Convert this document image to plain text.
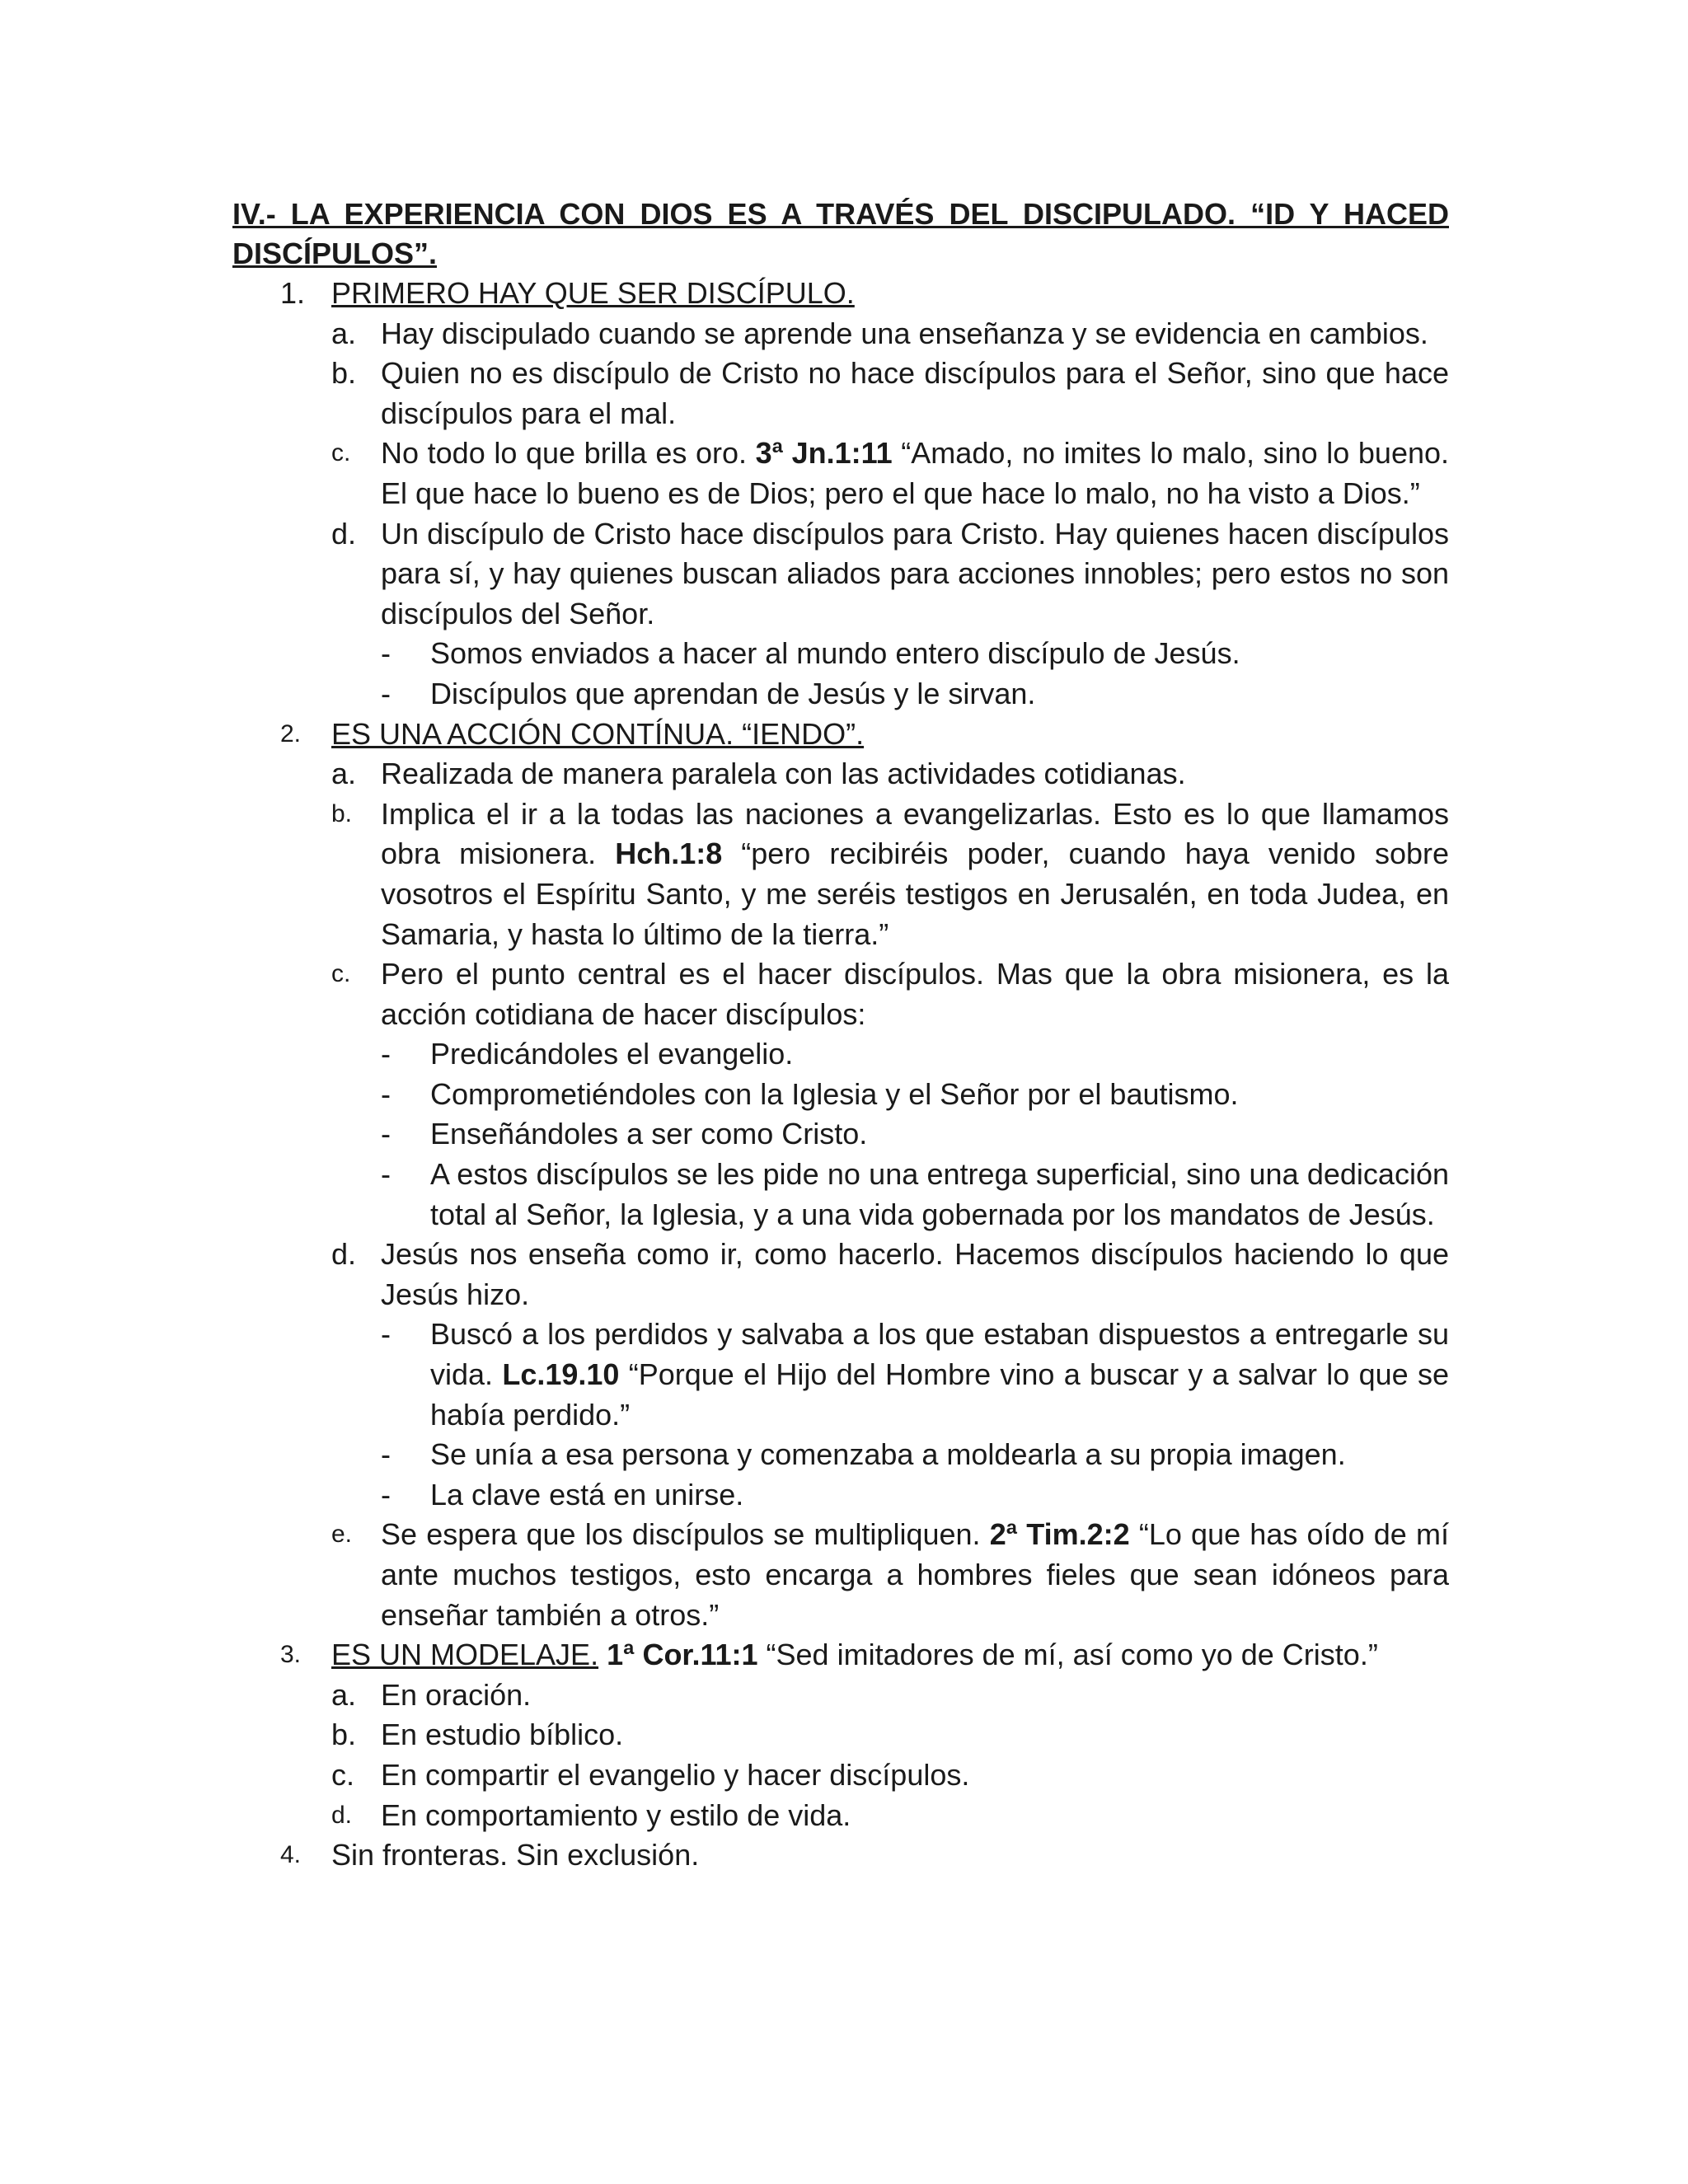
IV.- LA EXPERIENCIA CON DIOS ES A TRAVÉS DEL DISCIPULADO. “ID Y HACED DISCÍPULOS”.

1. PRIMERO HAY QUE SER DISCÍPULO.
a. Hay discipulado cuando se aprende una enseñanza y se evidencia en cambios.
b. Quien no es discípulo de Cristo no hace discípulos para el Señor, sino que hace discípulos para el mal.
c.	No todo lo que brilla es oro. 3ª Jn.1:11 “Amado, no imites lo malo, sino lo bueno. El que hace lo bueno es de Dios; pero el que hace lo malo, no ha visto a Dios.”
d. Un discípulo de Cristo hace discípulos para Cristo. Hay quienes hacen discípulos para sí, y hay quienes buscan aliados para acciones innobles; pero estos no son discípulos del Señor.
-	Somos enviados a hacer al mundo entero discípulo de Jesús.
-	Discípulos que aprendan de Jesús y le sirvan.
2.	ES UNA ACCIÓN CONTÍNUA. “IENDO”.
a. Realizada de manera paralela con las actividades cotidianas.
b. Implica el ir a la todas las naciones a evangelizarlas. Esto es lo que llamamos obra misionera. Hch.1:8 “pero recibiréis poder, cuando haya venido sobre vosotros el Espíritu Santo, y me seréis testigos en Jerusalén, en toda Judea, en Samaria, y hasta lo último de la tierra.”
c.	Pero el punto central es el hacer discípulos. Mas que la obra misionera, es la acción cotidiana de hacer discípulos:
-	Predicándoles el evangelio.
-	Comprometiéndoles con la Iglesia y el Señor por el bautismo.
-	Enseñándoles a ser como Cristo.
-	A estos discípulos se les pide no una entrega superficial, sino una dedicación total al Señor, la Iglesia, y a una vida gobernada por los mandatos de Jesús.
d. Jesús nos enseña como ir, como hacerlo. Hacemos discípulos haciendo lo que Jesús hizo.
-	Buscó a los perdidos y salvaba a los que estaban dispuestos a entregarle su vida. Lc.19.10 “Porque el Hijo del Hombre vino a buscar y a salvar lo que se había perdido.”
-	Se unía a esa persona y comenzaba a moldearla a su propia imagen.
-	La clave está en unirse.
e. Se espera que los discípulos se multipliquen. 2ª Tim.2:2 “Lo que has oído de mí ante muchos testigos, esto encarga a hombres fieles que sean idóneos para enseñar también a otros.”
3.	ES UN MODELAJE. 1ª Cor.11:1 “Sed imitadores de mí, así como yo de Cristo.”
a. En oración.
b. En estudio bíblico.
c. En compartir el evangelio y hacer discípulos.
d. En comportamiento y estilo de vida.
4.	Sin fronteras. Sin exclusión.
